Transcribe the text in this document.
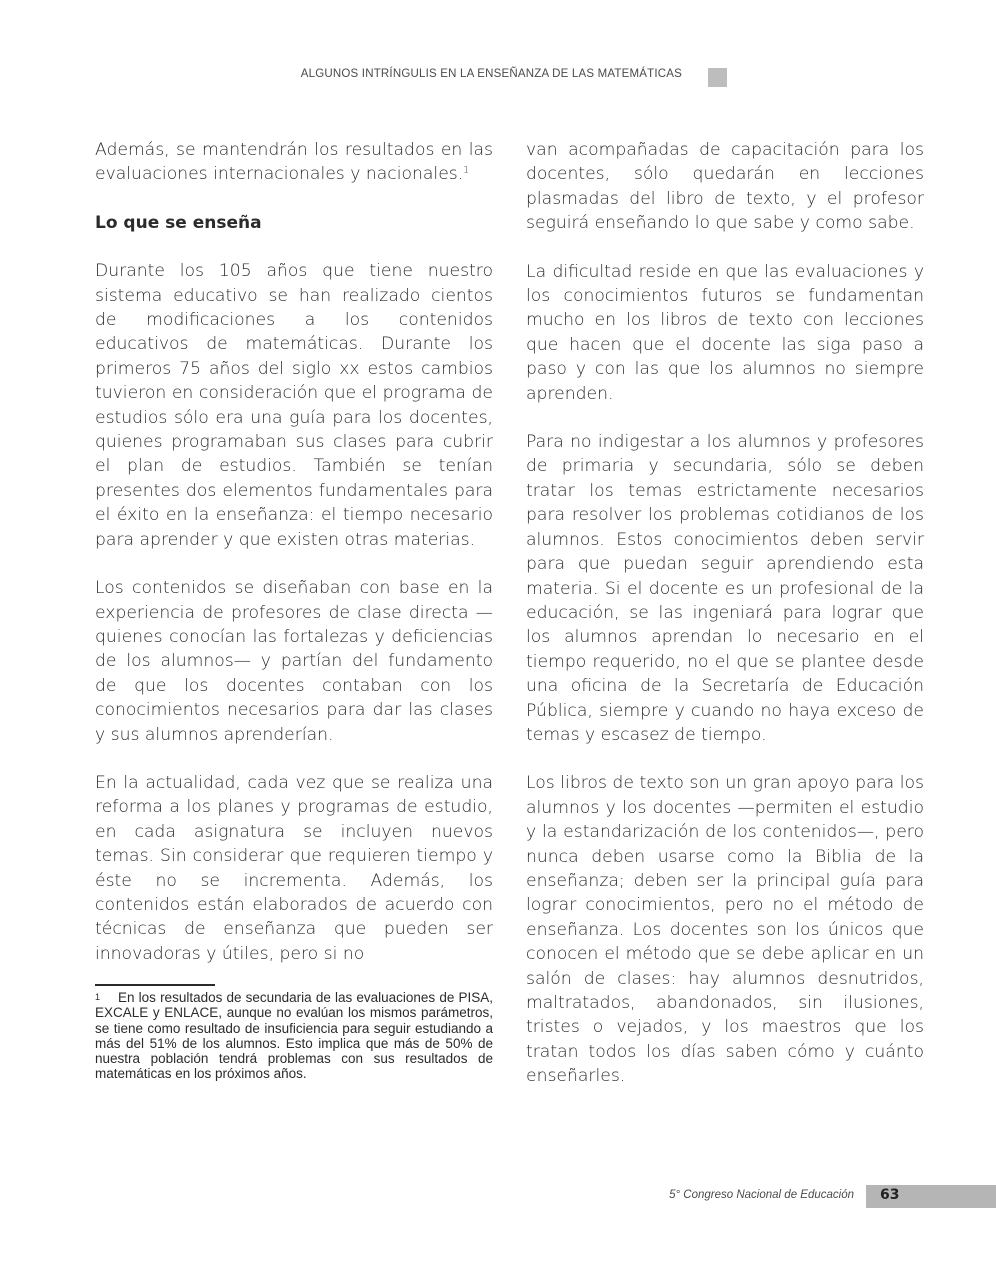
ALGUNOS INTRÍNGULIS EN LA ENSEÑANZA DE LAS MATEMÁTICAS

Además, se mantendrán los resultados en las evaluaciones internacionales y nacionales.$^1$

Lo que se enseña

Durante los 105 años que tiene nuestro sistema educativo se han realizado cientos de modificaciones a los contenidos educativos de matemáticas. Durante los primeros 75 años del siglo xx estos cambios tuvieron en consideración que el programa de estudios sólo era una guía para los docentes, quienes programaban sus clases para cubrir el plan de estudios. También se tenían presentes dos elementos fundamentales para el éxito en la enseñanza: el tiempo necesario para aprender y que existen otras materias.

Los contenidos se diseñaban con base en la experiencia de profesores de clase directa —quienes conocían las fortalezas y deficiencias de los alumnos— y partían del fundamento de que los docentes contaban con los conocimientos necesarios para dar las clases y sus alumnos aprenderían.

En la actualidad, cada vez que se realiza una reforma a los planes y programas de estudio, en cada asignatura se incluyen nuevos temas. Sin considerar que requieren tiempo y éste no se incrementa. Además, los contenidos están elaborados de acuerdo con técnicas de enseñanza que pueden ser innovadoras y útiles, pero si no

van acompañadas de capacitación para los docentes, sólo quedarán en lecciones plasmadas del libro de texto, y el profesor seguirá enseñando lo que sabe y como sabe.

La dificultad reside en que las evaluaciones y los conocimientos futuros se fundamentan mucho en los libros de texto con lecciones que hacen que el docente las siga paso a paso y con las que los alumnos no siempre aprenden.

Para no indigestar a los alumnos y profesores de primaria y secundaria, sólo se deben tratar los temas estrictamente necesarios para resolver los problemas cotidianos de los alumnos. Estos conocimientos deben servir para que puedan seguir aprendiendo esta materia. Si el docente es un profesional de la educación, se las ingeniará para lograr que los alumnos aprendan lo necesario en el tiempo requerido, no el que se plantee desde una oficina de la Secretaría de Educación Pública, siempre y cuando no haya exceso de temas y escasez de tiempo.

Los libros de texto son un gran apoyo para los alumnos y los docentes —permiten el estudio y la estandarización de los contenidos—, pero nunca deben usarse como la Biblia de la enseñanza; deben ser la principal guía para lograr conocimientos, pero no el método de enseñanza. Los docentes son los únicos que conocen el método que se debe aplicar en un salón de clases: hay alumnos desnutridos, maltratados, abandonados, sin ilusiones, tristes o vejados, y los maestros que los tratan todos los días saben cómo y cuánto enseñarles.

$^1$ En los resultados de secundaria de las evaluaciones de PISA, EXCALE y ENLACE, aunque no evalúan los mismos parámetros, se tiene como resultado de insuficiencia para seguir estudiando a más del 51% de los alumnos. Esto implica que más de 50% de nuestra población tendrá problemas con sus resultados de matemáticas en los próximos años.
5° Congreso Nacional de Educación 63
